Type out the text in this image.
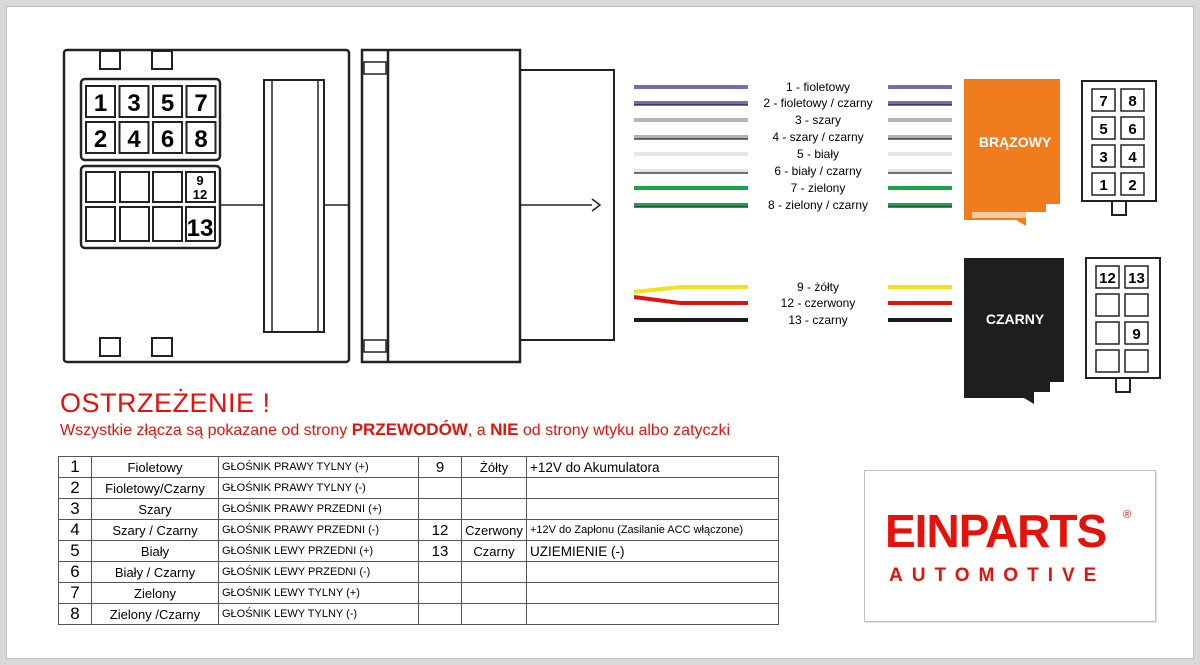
1 3 5 7
2 4 6 8
9
12
13
1 - fioletowy
2 - fioletowy / czarny
3 - szary
4 - szary / czarny
5 - biały
6 - biały / czarny
7 - zielony
8 - zielony / czarny
9 - żółty
12 - czerwony
13 - czarny
7 8
5 6
3 4
1 2
12 13
9
BRĄZOWY
CZARNY
OSTRZEŻENIE !
Wszystkie złącza są pokazane od strony PRZEWODÓW, a NIE od strony wtyku albo zatyczki
1	Fioletowy	GŁOŚNIK PRAWY TYLNY (+)	9	Żółty	+12V do Akumulatora
2	Fioletowy/Czarny	GŁOŚNIK PRAWY TYLNY (-)			
3	Szary	GŁOŚNIK PRAWY PRZEDNI (+)			
4	Szary / Czarny	GŁOŚNIK PRAWY PRZEDNI (-)	12	Czerwony	+12V do Zapłonu (Zasilanie ACC włączone)
5	Biały	GŁOŚNIK LEWY PRZEDNI (+)	13	Czarny	UZIEMIENIE (-)
6	Biały / Czarny	GŁOŚNIK LEWY PRZEDNI (-)			
7	Zielony	GŁOŚNIK LEWY TYLNY (+)			
8	Zielony /Czarny	GŁOŚNIK LEWY TYLNY (-)			
EINPARTS ®
AUTOMOTIVE
